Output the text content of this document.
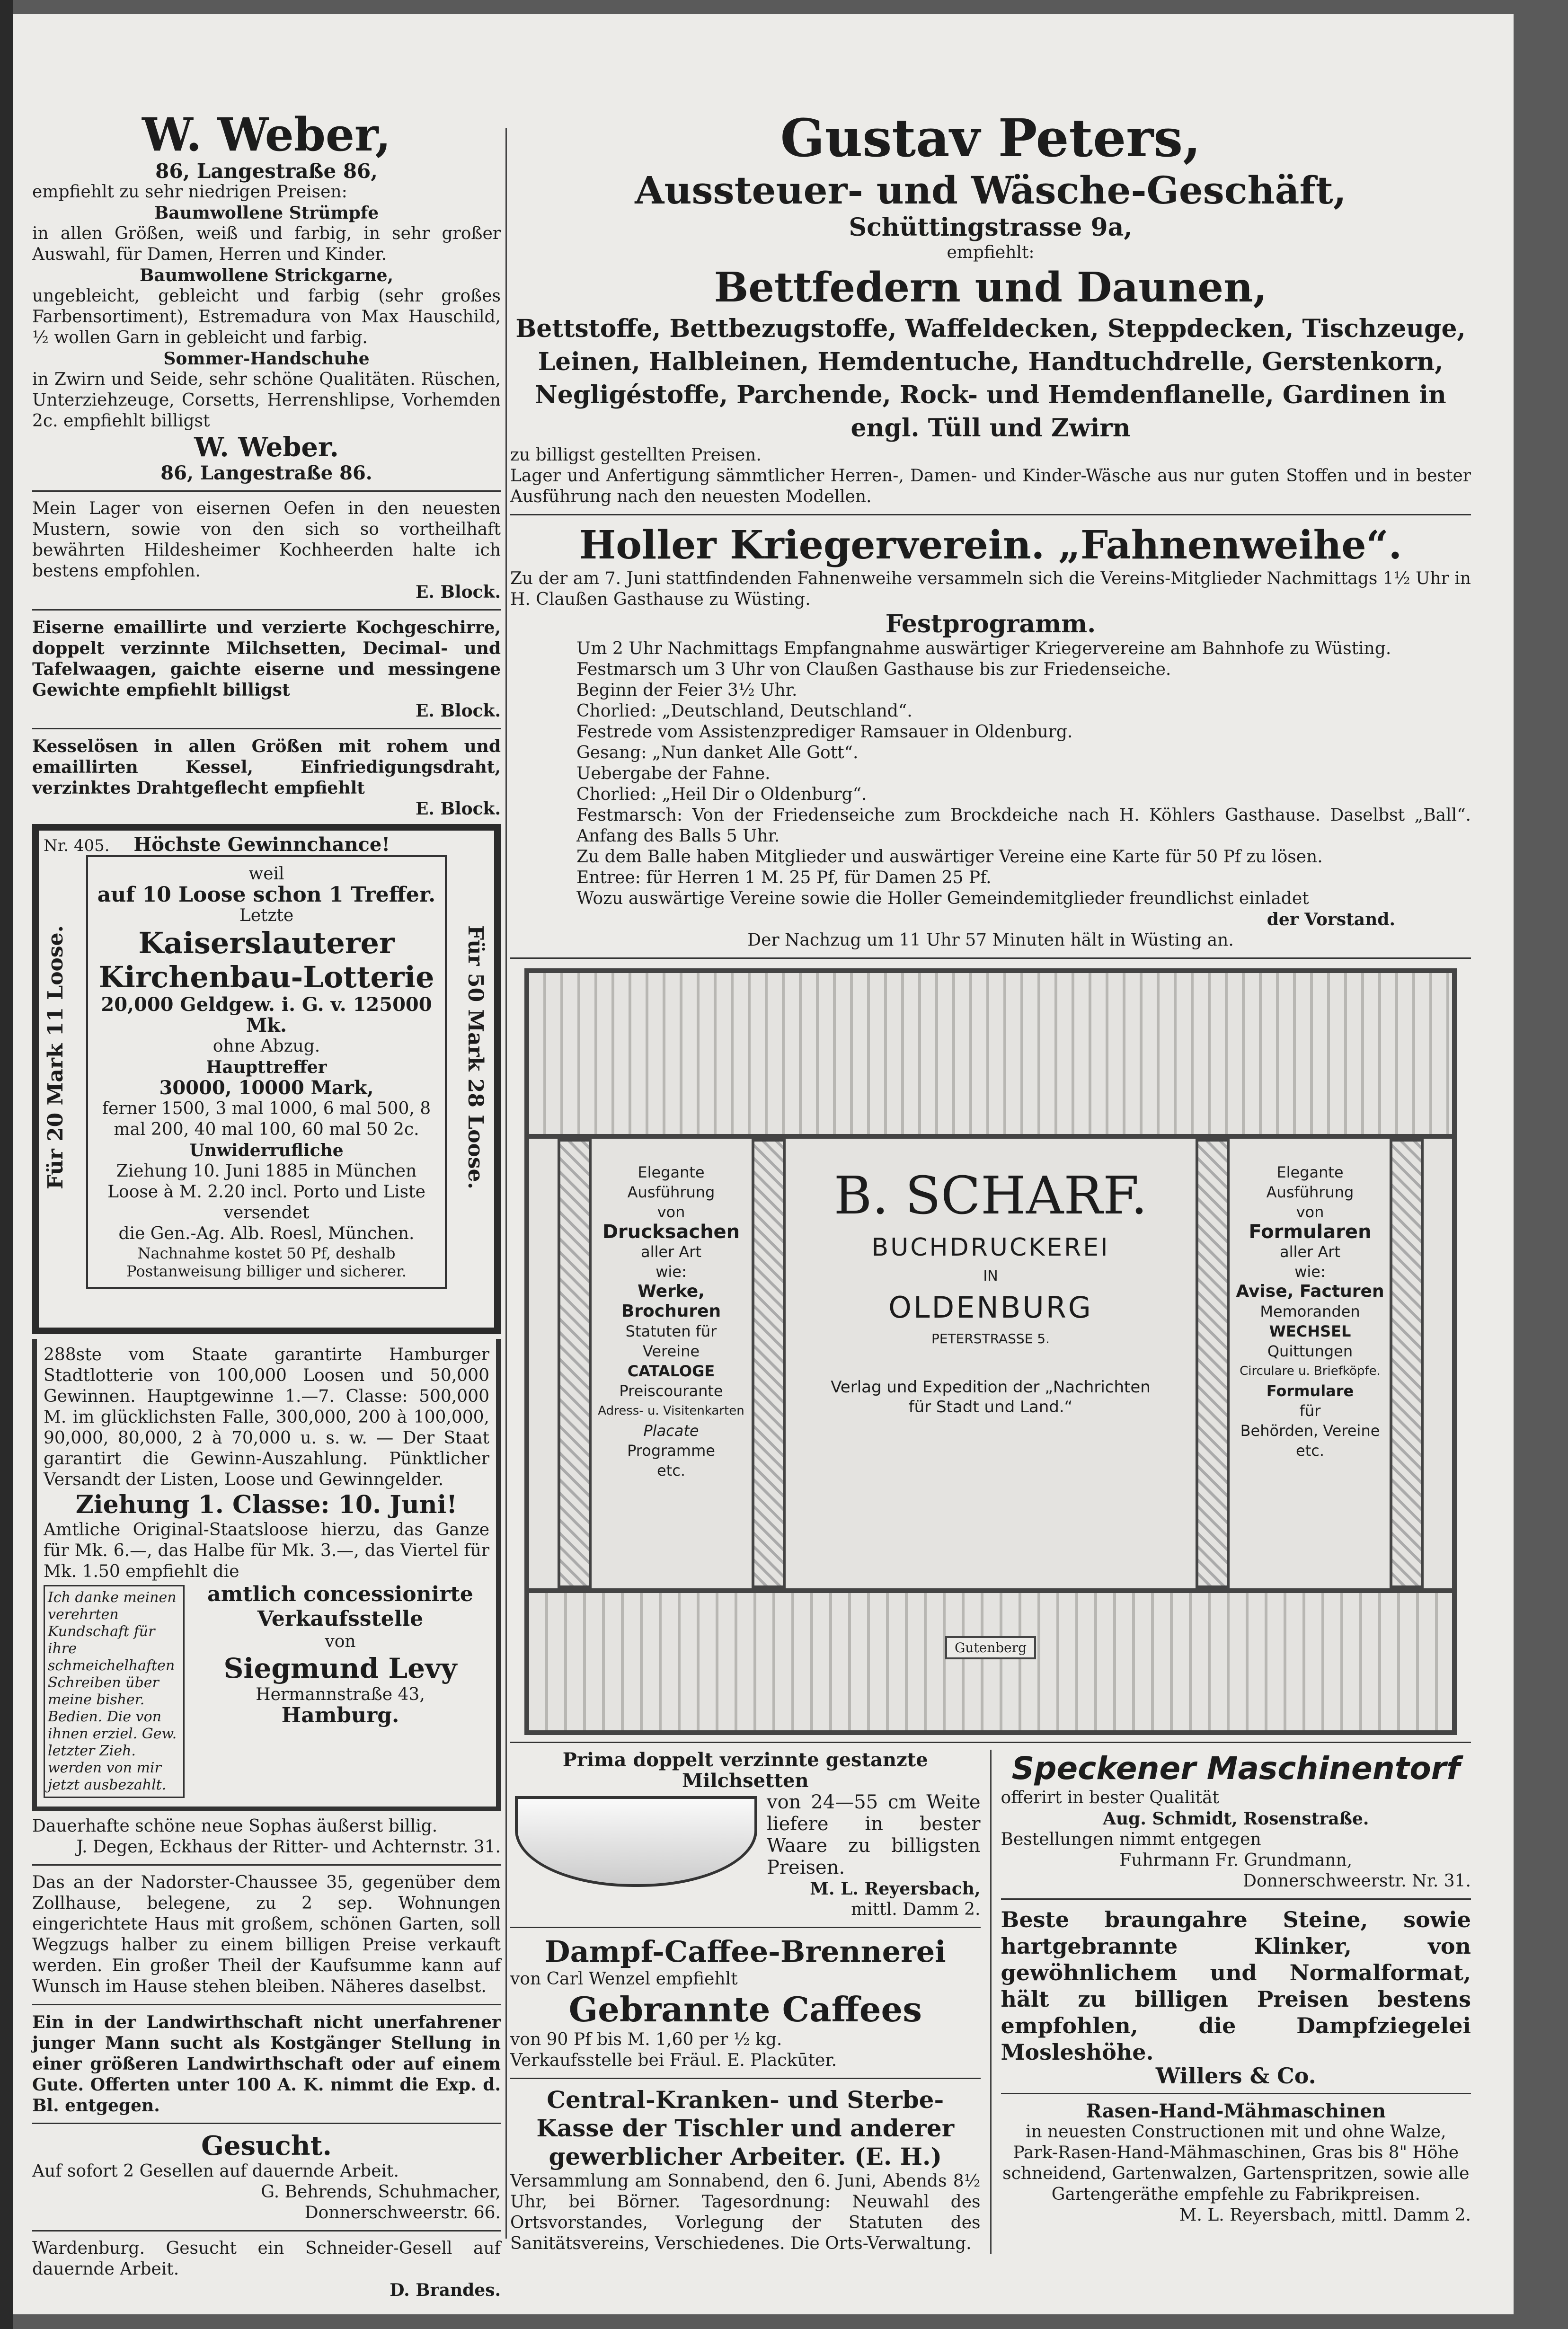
W. Weber,

86, Langestraße 86,

empfiehlt zu sehr niedrigen Preisen:

Baumwollene Strümpfe

in allen Größen, weiß und farbig, in sehr großer Auswahl, für Damen, Herren und Kinder.

Baumwollene Strickgarne,

ungebleicht, gebleicht und farbig (sehr großes Farbensortiment), Estremadura von Max Hauschild, ½ wollen Garn in gebleicht und farbig.

Sommer-Handschuhe

in Zwirn und Seide, sehr schöne Qualitäten. Rüschen, Unterziehzeuge, Corsetts, Herrenshlipse, Vorhemden 2c. empfiehlt billigst

W. Weber.

86, Langestraße 86.

Mein Lager von eisernen Oefen in den neuesten Mustern, sowie von den sich so vortheilhaft bewährten Hildesheimer Kochheerden halte ich bestens empfohlen.

E. Block.

Eiserne emaillirte und verzierte Kochgeschirre, doppelt verzinnte Milchsetten, Decimal- und Tafelwaagen, gaichte eiserne und messingene Gewichte empfiehlt billigst

E. Block.

Kesselösen in allen Größen mit rohem und emaillirten Kessel, Einfriedigungsdraht, verzinktes Drahtgeflecht empfiehlt

E. Block.

Nr. 405. Höchste Gewinnchance!
Für 20 Mark 11 Loose.	Für 50 Mark 28 Loose.

weil

auf 10 Loose schon 1 Treffer.

Letzte

Kaiserslauterer

Kirchenbau-Lotterie

20,000 Geldgew. i. G. v. 125000 Mk.

ohne Abzug.

Haupttreffer

30000, 10000 Mark,

ferner 1500, 3 mal 1000, 6 mal 500, 8 mal 200, 40 mal 100, 60 mal 50 2c.

Unwiderrufliche

Ziehung 10. Juni 1885 in München

Loose à M. 2.20 incl. Porto und Liste versendet

die Gen.-Ag. Alb. Roesl, München.

Nachnahme kostet 50 Pf, deshalb Postanweisung billiger und sicherer.

288ste vom Staate garantirte Hamburger Stadtlotterie von 100,000 Loosen und 50,000 Gewinnen. Hauptgewinne 1.—7. Classe: 500,000 M. im glücklichsten Falle, 300,000, 200 à 100,000, 90,000, 80,000, 2 à 70,000 u. s. w. — Der Staat garantirt die Gewinn-Auszahlung. Pünktlicher Versandt der Listen, Loose und Gewinngelder.

Ziehung 1. Classe: 10. Juni!

Amtliche Original-Staatsloose hierzu, das Ganze für Mk. 6.—, das Halbe für Mk. 3.—, das Viertel für Mk. 1.50 empfiehlt die

Ich danke meinen verehrten Kundschaft für ihre schmeichelhaften Schreiben über meine bisher. Bedien. Die von ihnen erziel. Gew. letzter Zieh. werden von mir jetzt ausbezahlt.

amtlich concessionirte Verkaufsstelle

von

Siegmund Levy

Hermannstraße 43,

Hamburg.

Dauerhafte schöne neue Sophas äußerst billig.

J. Degen, Eckhaus der Ritter- und Achternstr. 31.

Das an der Nadorster-Chaussee 35, gegenüber dem Zollhause, belegene, zu 2 sep. Wohnungen eingerichtete Haus mit großem, schönen Garten, soll Wegzugs halber zu einem billigen Preise verkauft werden. Ein großer Theil der Kaufsumme kann auf Wunsch im Hause stehen bleiben. Näheres daselbst.

Ein in der Landwirthschaft nicht unerfahrener junger Mann sucht als Kostgänger Stellung in einer größeren Landwirthschaft oder auf einem Gute. Offerten unter 100 A. K. nimmt die Exp. d. Bl. entgegen.

Gesucht.

Auf sofort 2 Gesellen auf dauernde Arbeit.

G. Behrends, Schuhmacher,

Donnerschweerstr. 66.

Wardenburg. Gesucht ein Schneider-Gesell auf dauernde Arbeit.

D. Brandes.

Gustav Peters,
Aussteuer- und Wäsche-Geschäft,

Schüttingstrasse 9a,

empfiehlt:

Bettfedern und Daunen,

Bettstoffe, Bettbezugstoffe, Waffeldecken, Steppdecken, Tischzeuge, Leinen, Halbleinen, Hemdentuche, Handtuchdrelle, Gerstenkorn, Negligéstoffe, Parchende, Rock- und Hemdenflanelle, Gardinen in engl. Tüll und Zwirn

zu billigst gestellten Preisen.

Lager und Anfertigung sämmtlicher Herren-, Damen- und Kinder-Wäsche aus nur guten Stoffen und in bester Ausführung nach den neuesten Modellen.

Holler Kriegerverein. „Fahnenweihe“.

Zu der am 7. Juni stattfindenden Fahnenweihe versammeln sich die Vereins-Mitglieder Nachmittags 1½ Uhr in H. Claußen Gasthause zu Wüsting.

Festprogramm.

Um 2 Uhr Nachmittags Empfangnahme auswärtiger Kriegervereine am Bahnhofe zu Wüsting.

Festmarsch um 3 Uhr von Claußen Gasthause bis zur Friedenseiche.

Beginn der Feier 3½ Uhr.

Chorlied: „Deutschland, Deutschland“.

Festrede vom Assistenzprediger Ramsauer in Oldenburg.

Gesang: „Nun danket Alle Gott“.

Uebergabe der Fahne.

Chorlied: „Heil Dir o Oldenburg“.

Festmarsch: Von der Friedenseiche zum Brockdeiche nach H. Köhlers Gasthause. Daselbst „Ball“. Anfang des Balls 5 Uhr.

Zu dem Balle haben Mitglieder und auswärtiger Vereine eine Karte für 50 Pf zu lösen.

Entree: für Herren 1 M. 25 Pf, für Damen 25 Pf.

Wozu auswärtige Vereine sowie die Holler Gemeindemitglieder freundlichst einladet

der Vorstand.

Der Nachzug um 11 Uhr 57 Minuten hält in Wüsting an.

Elegante Ausführung
von
Drucksachen
aller Art
wie:
Werke, Brochuren
Statuten für Vereine
CATALOGE
Preiscourante
Adress- u. Visitenkarten
Placate
Programme
etc.
B. SCHARF.
BUCHDRUCKEREI
IN
OLDENBURG
PETERSTRASSE 5.
Verlag und Expedition der „Nachrichten für Stadt und Land.“
Elegante Ausführung
von
Formularen
aller Art
wie:
Avise, Facturen
Memoranden
WECHSEL
Quittungen
Circulare u. Briefköpfe.
Formulare
für
Behörden, Vereine
etc.
Gutenberg

Prima doppelt verzinnte gestanzte Milchsetten

von 24—55 cm Weite liefere in bester Waare zu billigsten Preisen.

M. L. Reyersbach,

mittl. Damm 2.

Dampf-Caffee-Brennerei

von Carl Wenzel empfiehlt

Gebrannte Caffees

von 90 Pf bis M. 1,60 per ½ kg.

Verkaufsstelle bei Fräul. E. Plackūter.

Central-Kranken- und Sterbe-Kasse der Tischler und anderer gewerblicher Arbeiter. (E. H.)

Versammlung am Sonnabend, den 6. Juni, Abends 8½ Uhr, bei Börner. Tagesordnung: Neuwahl des Ortsvorstandes, Vorlegung der Statuten des Sanitätsvereins, Verschiedenes. Die Orts-Verwaltung.

Speckener Maschinentorf

offerirt in bester Qualität

Aug. Schmidt, Rosenstraße.

Bestellungen nimmt entgegen

Fuhrmann Fr. Grundmann,

Donnerschweerstr. Nr. 31.

Beste braungahre Steine, sowie hartgebrannte Klinker, von gewöhnlichem und Normalformat, hält zu billigen Preisen bestens empfohlen, die Dampfziegelei Mosleshöhe.

Willers & Co.

Rasen-Hand-Mähmaschinen

in neuesten Constructionen mit und ohne Walze, Park-Rasen-Hand-Mähmaschinen, Gras bis 8" Höhe schneidend, Gartenwalzen, Gartenspritzen, sowie alle Gartengeräthe empfehle zu Fabrikpreisen.

M. L. Reyersbach, mittl. Damm 2.
